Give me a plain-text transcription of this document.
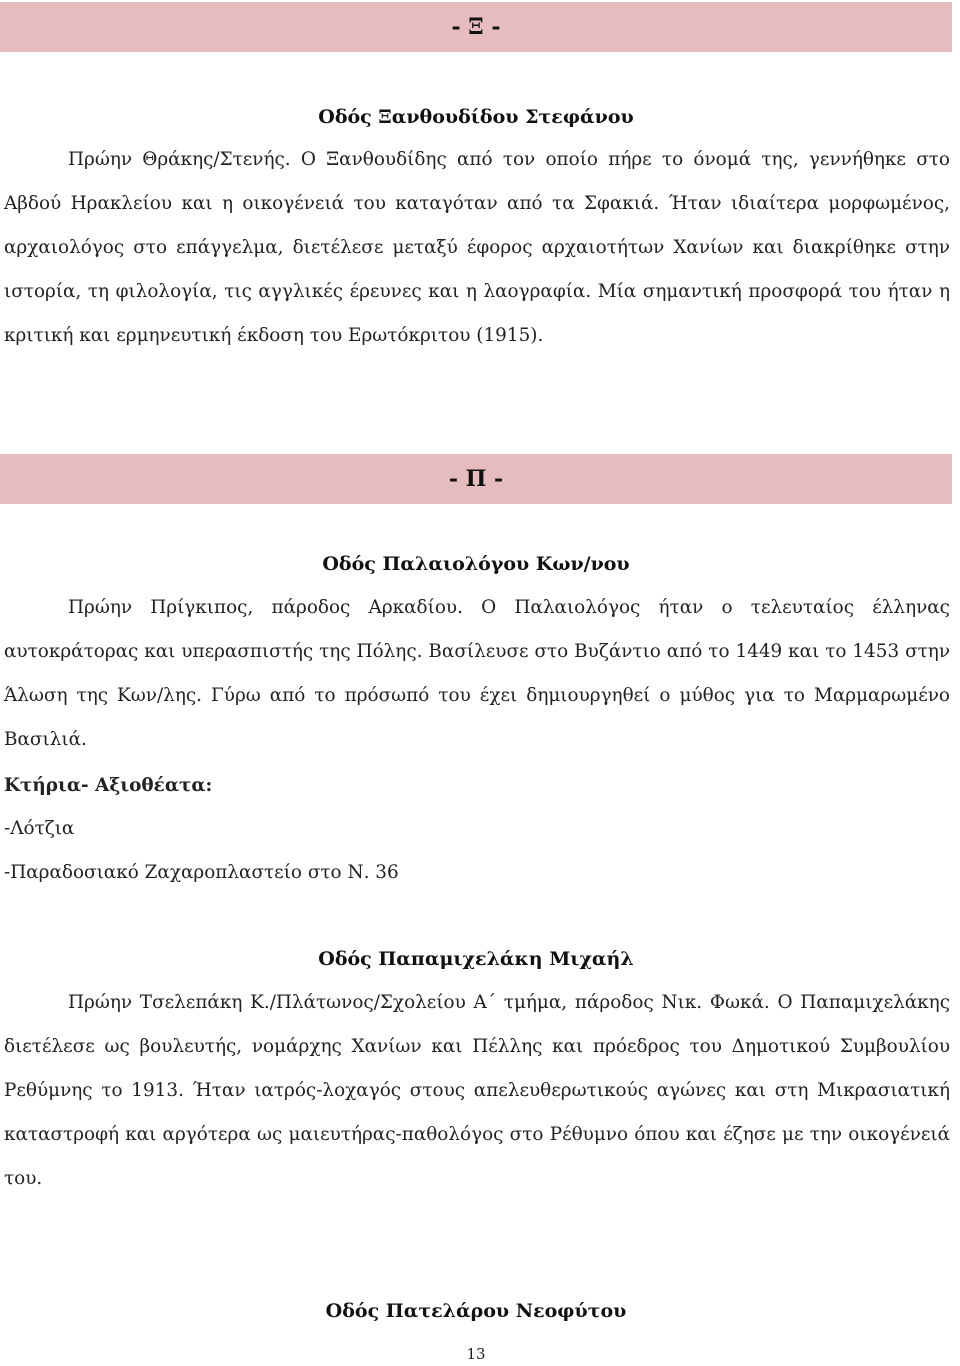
- Ξ -
Οδός Ξανθουδίδου Στεφάνου
Πρώην Θράκης/Στενής. Ο Ξανθουδίδης από τον οποίο πήρε το όνομά της, γεννήθηκε στο Αβδού Ηρακλείου και η οικογένειά του καταγόταν από τα Σφακιά. Ήταν ιδιαίτερα μορφωμένος, αρχαιολόγος στο επάγγελμα, διετέλεσε μεταξύ έφορος αρχαιοτήτων Χανίων και διακρίθηκε στην ιστορία, τη φιλολογία, τις αγγλικές έρευνες και η λαογραφία. Μία σημαντική προσφορά του ήταν η κριτική και ερμηνευτική έκδοση του Ερωτόκριτου (1915).
- Π -
Οδός Παλαιολόγου Κων/νου
Πρώην Πρίγκιπος, πάροδος Αρκαδίου. Ο Παλαιολόγος ήταν ο τελευταίος έλληνας αυτοκράτορας και υπερασπιστής της Πόλης. Βασίλευσε στο Βυζάντιο από το 1449 και το 1453 στην Άλωση της Κων/λης. Γύρω από το πρόσωπό του έχει δημιουργηθεί ο μύθος για το Μαρμαρωμένο Βασιλιά.
Κτήρια- Αξιοθέατα:
-Λότζια
-Παραδοσιακό Ζαχαροπλαστείο στο Ν. 36
Οδός Παπαμιχελάκη Μιχαήλ
Πρώην Τσελεπάκη Κ./Πλάτωνος/Σχολείου Α΄ τμήμα, πάροδος Νικ. Φωκά. Ο Παπαμιχελάκης διετέλεσε ως βουλευτής, νομάρχης Χανίων και Πέλλης και πρόεδρος του Δημοτικού Συμβουλίου Ρεθύμνης το 1913. Ήταν ιατρός-λοχαγός στους απελευθερωτικούς αγώνες και στη Μικρασιατική καταστροφή και αργότερα ως μαιευτήρας-παθολόγος στο Ρέθυμνο όπου και έζησε με την οικογένειά του.
Οδός Πατελάρου Νεοφύτου
13
